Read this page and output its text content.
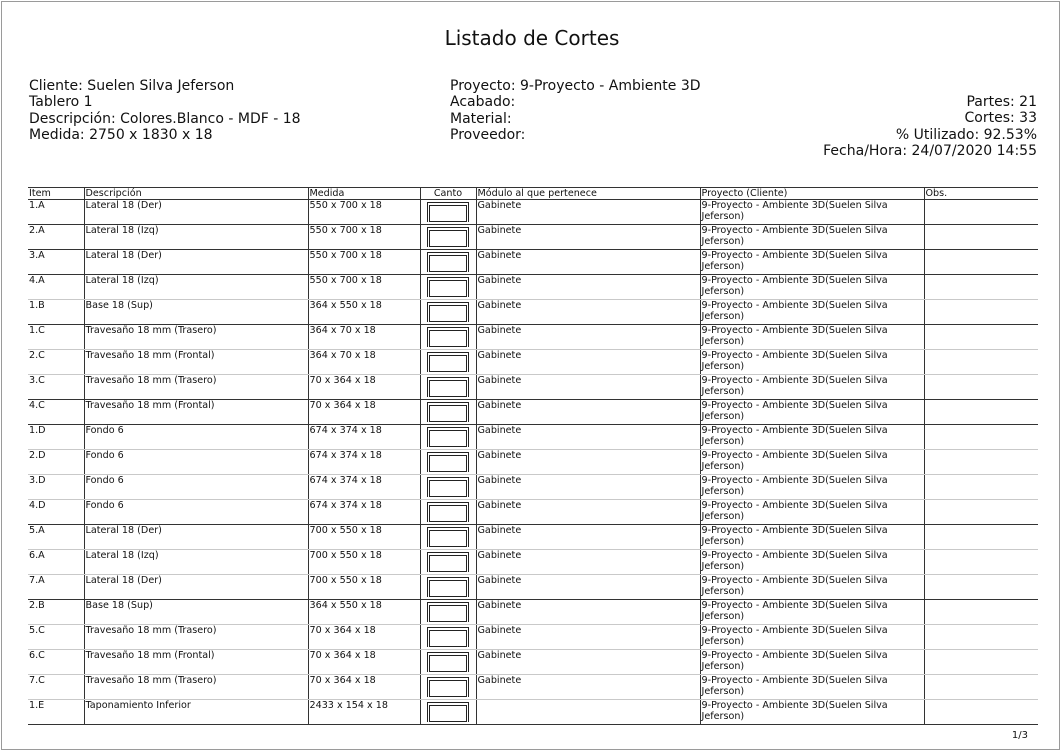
Listado de Cortes
Cliente: Suelen Silva Jeferson
Tablero 1
Descripción: Colores.Blanco - MDF - 18
Medida: 2750 x 1830 x 18
Proyecto: 9-Proyecto - Ambiente 3D
Acabado:
Material:
Proveedor:
Partes: 21
Cortes: 33
% Utilizado: 92.53%
Fecha/Hora: 24/07/2020 14:55
Ítem	Descripción	Medida	Canto	Módulo al que pertenece	Proyecto (Cliente)	Obs.
1.A	Lateral 18 (Der)	550 x 700 x 18		Gabinete	9-Proyecto - Ambiente 3D(Suelen Silva Jeferson)	
2.A	Lateral 18 (Izq)	550 x 700 x 18		Gabinete	9-Proyecto - Ambiente 3D(Suelen Silva Jeferson)	
3.A	Lateral 18 (Der)	550 x 700 x 18		Gabinete	9-Proyecto - Ambiente 3D(Suelen Silva Jeferson)	
4.A	Lateral 18 (Izq)	550 x 700 x 18		Gabinete	9-Proyecto - Ambiente 3D(Suelen Silva Jeferson)	
1.B	Base 18 (Sup)	364 x 550 x 18		Gabinete	9-Proyecto - Ambiente 3D(Suelen Silva Jeferson)	
1.C	Travesaño 18 mm (Trasero)	364 x 70 x 18		Gabinete	9-Proyecto - Ambiente 3D(Suelen Silva Jeferson)	
2.C	Travesaño 18 mm (Frontal)	364 x 70 x 18		Gabinete	9-Proyecto - Ambiente 3D(Suelen Silva Jeferson)	
3.C	Travesaño 18 mm (Trasero)	70 x 364 x 18		Gabinete	9-Proyecto - Ambiente 3D(Suelen Silva Jeferson)	
4.C	Travesaño 18 mm (Frontal)	70 x 364 x 18		Gabinete	9-Proyecto - Ambiente 3D(Suelen Silva Jeferson)	
1.D	Fondo 6	674 x 374 x 18		Gabinete	9-Proyecto - Ambiente 3D(Suelen Silva Jeferson)	
2.D	Fondo 6	674 x 374 x 18		Gabinete	9-Proyecto - Ambiente 3D(Suelen Silva Jeferson)	
3.D	Fondo 6	674 x 374 x 18		Gabinete	9-Proyecto - Ambiente 3D(Suelen Silva Jeferson)	
4.D	Fondo 6	674 x 374 x 18		Gabinete	9-Proyecto - Ambiente 3D(Suelen Silva Jeferson)	
5.A	Lateral 18 (Der)	700 x 550 x 18		Gabinete	9-Proyecto - Ambiente 3D(Suelen Silva Jeferson)	
6.A	Lateral 18 (Izq)	700 x 550 x 18		Gabinete	9-Proyecto - Ambiente 3D(Suelen Silva Jeferson)	
7.A	Lateral 18 (Der)	700 x 550 x 18		Gabinete	9-Proyecto - Ambiente 3D(Suelen Silva Jeferson)	
2.B	Base 18 (Sup)	364 x 550 x 18		Gabinete	9-Proyecto - Ambiente 3D(Suelen Silva Jeferson)	
5.C	Travesaño 18 mm (Trasero)	70 x 364 x 18		Gabinete	9-Proyecto - Ambiente 3D(Suelen Silva Jeferson)	
6.C	Travesaño 18 mm (Frontal)	70 x 364 x 18		Gabinete	9-Proyecto - Ambiente 3D(Suelen Silva Jeferson)	
7.C	Travesaño 18 mm (Trasero)	70 x 364 x 18		Gabinete	9-Proyecto - Ambiente 3D(Suelen Silva Jeferson)	
1.E	Taponamiento Inferior	2433 x 154 x 18			9-Proyecto - Ambiente 3D(Suelen Silva Jeferson)	
1/3
